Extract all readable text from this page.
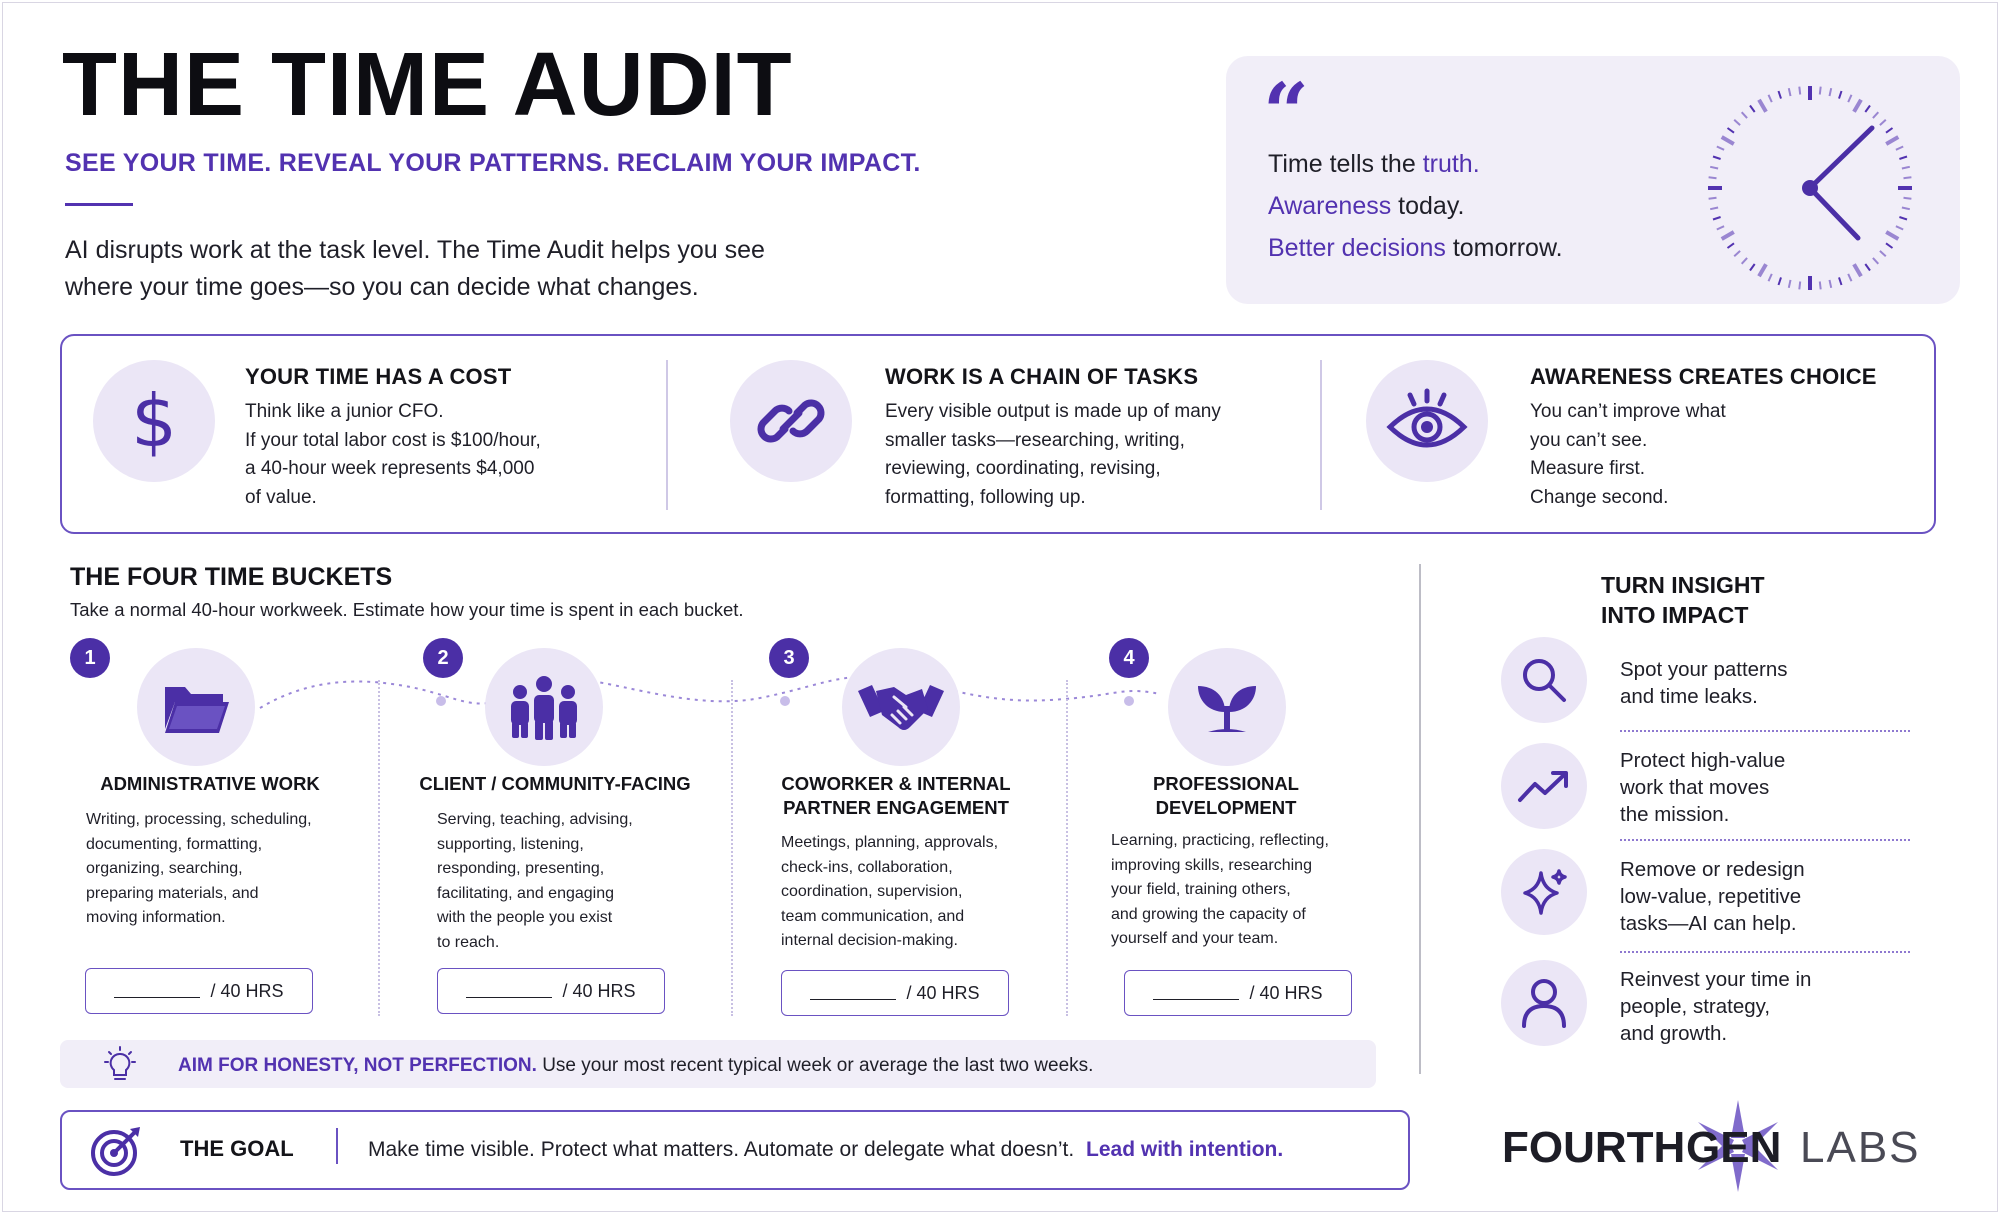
THE TIME AUDIT
SEE YOUR TIME. REVEAL YOUR PATTERNS. RECLAIM YOUR IMPACT.
AI disrupts work at the task level. The Time Audit helps you see
where your time goes—so you can decide what changes.
“
Time tells the truth.
Awareness today.
Better decisions tomorrow.
$
YOUR TIME HAS A COST
Think like a junior CFO.
If your total labor cost is $100/hour,
a 40-hour week represents $4,000
of value.
WORK IS A CHAIN OF TASKS
Every visible output is made up of many
smaller tasks—researching, writing,
reviewing, coordinating, revising,
formatting, following up.
AWARENESS CREATES CHOICE
You can’t improve what
you can’t see.
Measure first.
Change second.
THE FOUR TIME BUCKETS
Take a normal 40-hour workweek. Estimate how your time is spent in each bucket.
1
ADMINISTRATIVE WORK
Writing, processing, scheduling,
documenting, formatting,
organizing, searching,
preparing materials, and
moving information.
/ 40 HRS
2
CLIENT / COMMUNITY-FACING
Serving, teaching, advising,
supporting, listening,
responding, presenting,
facilitating, and engaging
with the people you exist
to reach.
/ 40 HRS
3
COWORKER & INTERNAL
PARTNER ENGAGEMENT
Meetings, planning, approvals,
check-ins, collaboration,
coordination, supervision,
team communication, and
internal decision-making.
/ 40 HRS
4
PROFESSIONAL
DEVELOPMENT
Learning, practicing, reflecting,
improving skills, researching
your field, training others,
and growing the capacity of
yourself and your team.
/ 40 HRS
AIM FOR HONESTY, NOT PERFECTION. Use your most recent typical week or average the last two weeks.
THE GOAL	Make time visible. Protect what matters. Automate or delegate what doesn’t. Lead with intention.
TURN INSIGHT
INTO IMPACT
Spot your patterns
and time leaks.
Protect high-value
work that moves
the mission.
Remove or redesign
low-value, repetitive
tasks—AI can help.
Reinvest your time in
people, strategy,
and growth.
FOURTH GEN LABS
